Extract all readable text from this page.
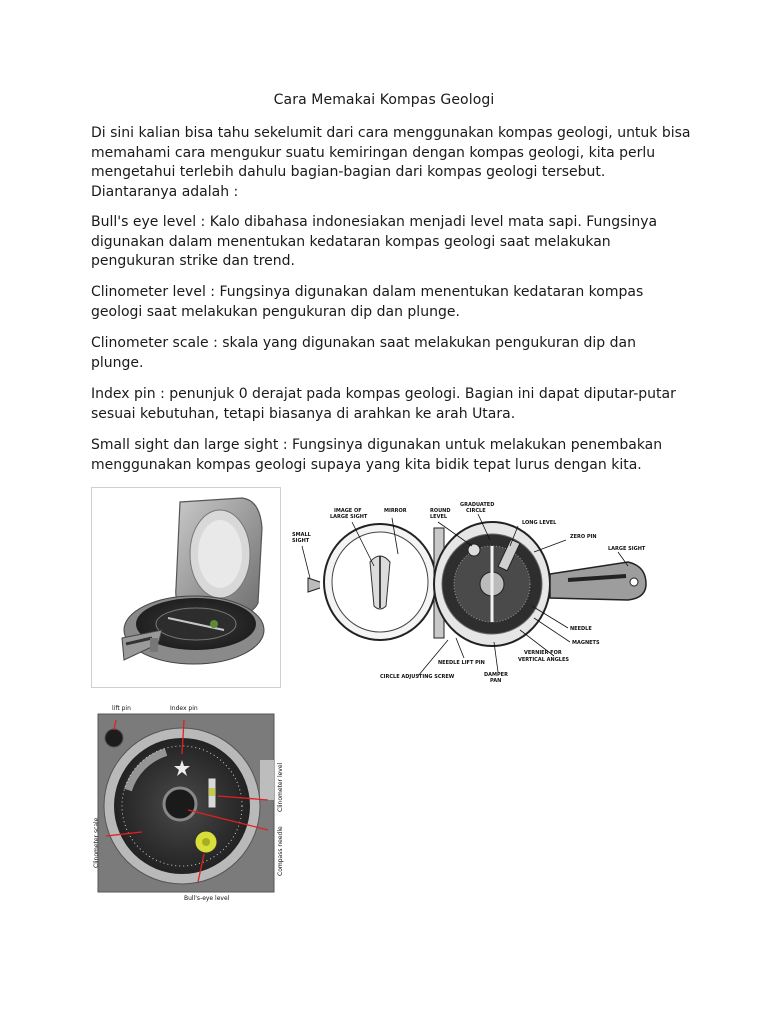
Cara Memakai Kompas Geologi

Di sini kalian bisa tahu sekelumit dari cara menggunakan kompas geologi, untuk bisa memahami cara mengukur suatu kemiringan dengan kompas geologi, kita perlu mengetahui terlebih dahulu bagian-bagian dari kompas geologi tersebut. Diantaranya adalah :

Bull's eye level : Kalo dibahasa indonesiakan menjadi level mata sapi. Fungsinya digunakan dalam menentukan kedataran kompas geologi saat melakukan pengukuran strike dan trend.

Clinometer level : Fungsinya digunakan dalam menentukan kedataran kompas geologi saat melakukan pengukuran dip dan plunge.

Clinometer scale : skala yang digunakan saat melakukan pengukuran dip dan plunge.

Index pin : penunjuk 0 derajat pada kompas geologi. Bagian ini dapat diputar-putar sesuai kebutuhan, tetapi biasanya di arahkan ke arah Utara.

Small sight dan large sight : Fungsinya digunakan untuk melakukan penembakan menggunakan kompas geologi supaya yang kita bidik tepat lurus dengan kita.

IMAGE OF
LARGE SIGHT
MIRROR	ROUND
LEVEL
GRADUATED
CIRCLE
LONG LEVEL
ZERO PIN
LARGE SIGHT
SMALL
SIGHT
NEEDLE
MAGNETS
VERNIER FOR
VERTICAL ANGLES
NEEDLE LIFT PIN
DAMPER
PAN
CIRCLE ADJUSTING SCREW
lift pin	Index pin
Bull's-eye level
Clinometer level
Compass needle
Clinometer scale
